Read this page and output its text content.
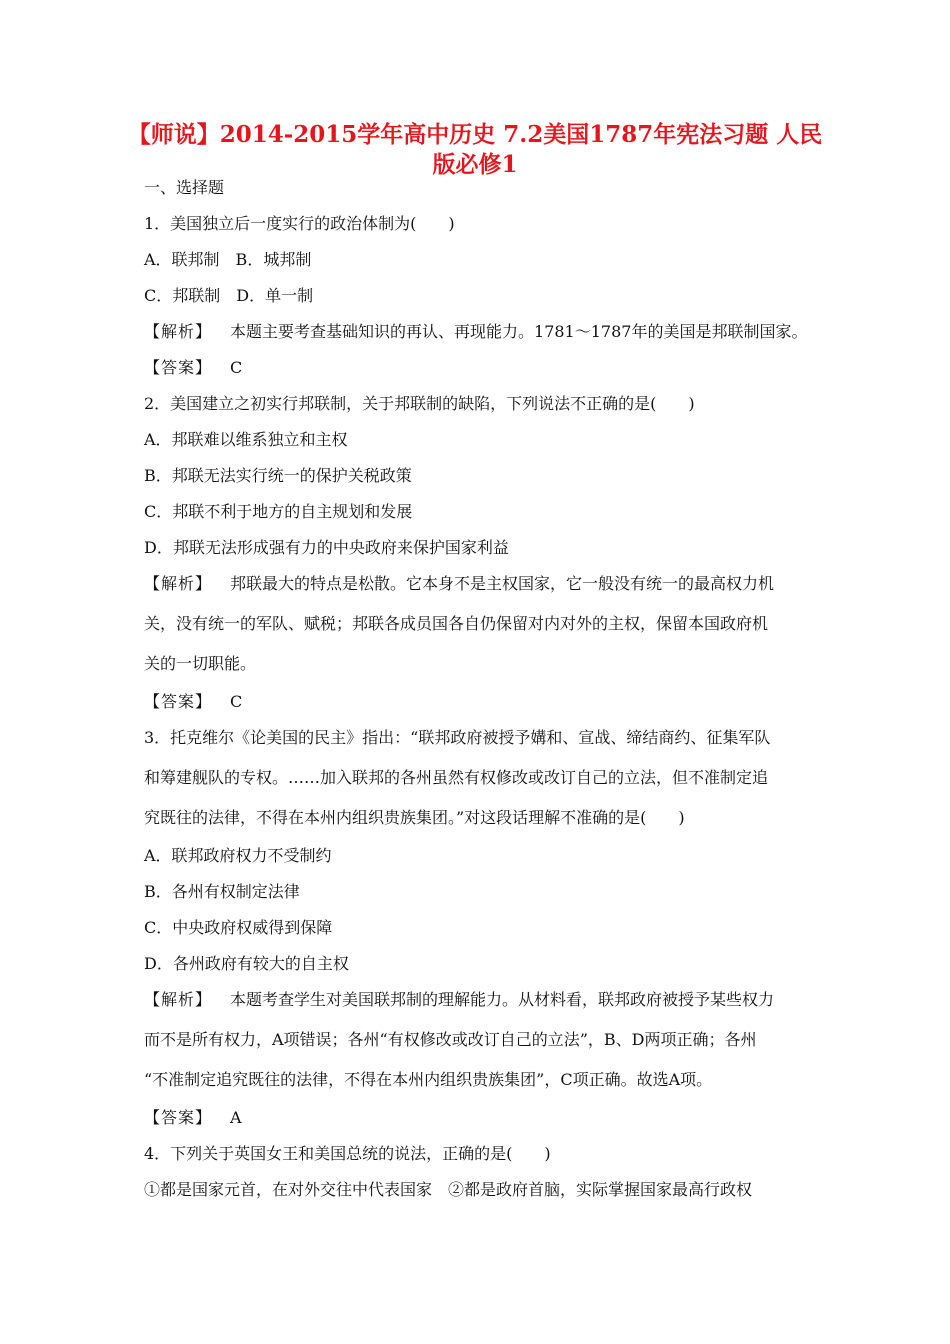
【师说】2014-2015学年高中历史 7.2美国1787年宪法习题 人民
版必修1
一、选择题
1．美国独立后一度实行的政治体制为(　　)
A．联邦制　B．城邦制
C．邦联制　D．单一制
【解析】 本题主要考查基础知识的再认、再现能力。1781～1787年的美国是邦联制国家。
【答案】 C
2．美国建立之初实行邦联制，关于邦联制的缺陷，下列说法不正确的是(　　)
A．邦联难以维系独立和主权
B．邦联无法实行统一的保护关税政策
C．邦联不利于地方的自主规划和发展
D．邦联无法形成强有力的中央政府来保护国家利益
【解析】 邦联最大的特点是松散。它本身不是主权国家，它一般没有统一的最高权力机
关，没有统一的军队、赋税；邦联各成员国各自仍保留对内对外的主权，保留本国政府机
关的一切职能。
【答案】 C
3．托克维尔《论美国的民主》指出：“联邦政府被授予媾和、宣战、缔结商约、征集军队
和筹建舰队的专权。……加入联邦的各州虽然有权修改或改订自己的立法，但不准制定追
究既往的法律，不得在本州内组织贵族集团。”对这段话理解不准确的是(　　)
A．联邦政府权力不受制约
B．各州有权制定法律
C．中央政府权威得到保障
D．各州政府有较大的自主权
【解析】 本题考查学生对美国联邦制的理解能力。从材料看，联邦政府被授予某些权力
而不是所有权力，A项错误；各州“有权修改或改订自己的立法”，B、D两项正确；各州
“不准制定追究既往的法律，不得在本州内组织贵族集团”，C项正确。故选A项。
【答案】 A
4．下列关于英国女王和美国总统的说法，正确的是(　　)
①都是国家元首，在对外交往中代表国家　②都是政府首脑，实际掌握国家最高行政权
